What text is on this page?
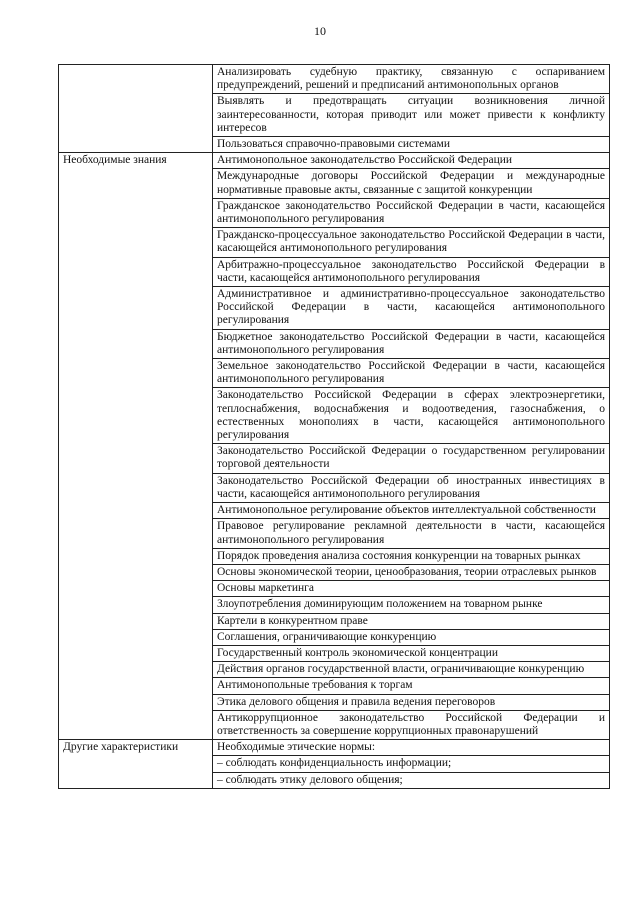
10
	Анализировать судебную практику, связанную с оспариванием предупреждений, решений и предписаний антимонопольных органов
	Выявлять и предотвращать ситуации возникновения личной заинтересованности, которая приводит или может привести к конфликту интересов
	Пользоваться справочно-правовыми системами
Необходимые знания	Антимонопольное законодательство Российской Федерации
	Международные договоры Российской Федерации и международные нормативные правовые акты, связанные с защитой конкуренции
	Гражданское законодательство Российской Федерации в части, касающейся антимонопольного регулирования
	Гражданско-процессуальное законодательство Российской Федерации в части, касающейся антимонопольного регулирования
	Арбитражно-процессуальное законодательство Российской Федерации в части, касающейся антимонопольного регулирования
	Административное и административно-процессуальное законодательство Российской Федерации в части, касающейся антимонопольного регулирования
	Бюджетное законодательство Российской Федерации в части, касающейся антимонопольного регулирования
	Земельное законодательство Российской Федерации в части, касающейся антимонопольного регулирования
	Законодательство Российской Федерации в сферах электроэнергетики, теплоснабжения, водоснабжения и водоотведения, газоснабжения, о естественных монополиях в части, касающейся антимонопольного регулирования
	Законодательство Российской Федерации о государственном регулировании торговой деятельности
	Законодательство Российской Федерации об иностранных инвестициях в части, касающейся антимонопольного регулирования
	Антимонопольное регулирование объектов интеллектуальной собственности
	Правовое регулирование рекламной деятельности в части, касающейся антимонопольного регулирования
	Порядок проведения анализа состояния конкуренции на товарных рынках
	Основы экономической теории, ценообразования, теории отраслевых рынков
	Основы маркетинга
	Злоупотребления доминирующим положением на товарном рынке
	Картели в конкурентном праве
	Соглашения, ограничивающие конкуренцию
	Государственный контроль экономической концентрации
	Действия органов государственной власти, ограничивающие конкуренцию
	Антимонопольные требования к торгам
	Этика делового общения и правила ведения переговоров
	Антикоррупционное законодательство Российской Федерации и ответственность за совершение коррупционных правонарушений
Другие характеристики	Необходимые этические нормы:
	– соблюдать конфиденциальность информации;
	– соблюдать этику делового общения;
